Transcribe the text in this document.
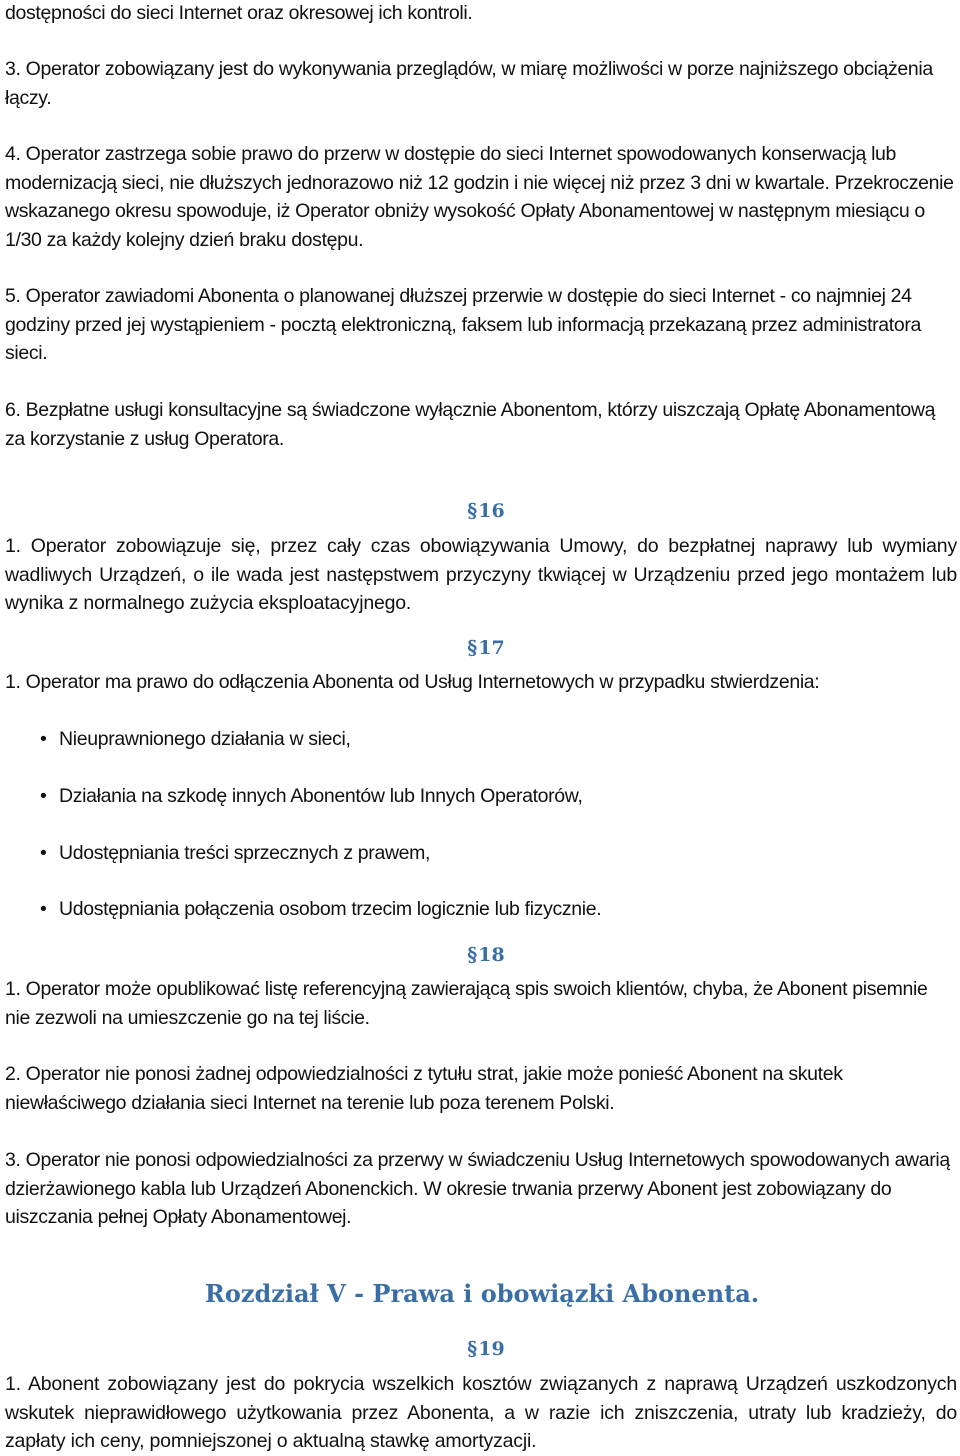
dostępności do sieci Internet oraz okresowej ich kontroli.

3. Operator zobowiązany jest do wykonywania przeglądów, w miarę możliwości w porze najniższego obciążenia łączy.

4. Operator zastrzega sobie prawo do przerw w dostępie do sieci Internet spowodowanych konserwacją lub modernizacją sieci, nie dłuższych jednorazowo niż 12 godzin i nie więcej niż przez 3 dni w kwartale. Przekroczenie wskazanego okresu spowoduje, iż Operator obniży wysokość Opłaty Abonamentowej w następnym miesiącu o 1/30 za każdy kolejny dzień braku dostępu.

5. Operator zawiadomi Abonenta o planowanej dłuższej przerwie w dostępie do sieci Internet - co najmniej 24 godziny przed jej wystąpieniem - pocztą elektroniczną, faksem lub informacją przekazaną przez administratora sieci.

6. Bezpłatne usługi konsultacyjne są świadczone wyłącznie Abonentom, którzy uiszczają Opłatę Abonamentową za korzystanie z usług Operatora.

§16

1. Operator zobowiązuje się, przez cały czas obowiązywania Umowy, do bezpłatnej naprawy lub wymiany wadliwych Urządzeń, o ile wada jest następstwem przyczyny tkwiącej w Urządzeniu przed jego montażem lub wynika z normalnego zużycia eksploatacyjnego.

§17

1. Operator ma prawo do odłączenia Abonenta od Usług Internetowych w przypadku stwierdzenia:

• Nieuprawnionego działania w sieci,

• Działania na szkodę innych Abonentów lub Innych Operatorów,

• Udostępniania treści sprzecznych z prawem,

• Udostępniania połączenia osobom trzecim logicznie lub fizycznie.

§18

1. Operator może opublikować listę referencyjną zawierającą spis swoich klientów, chyba, że Abonent pisemnie nie zezwoli na umieszczenie go na tej liście.

2. Operator nie ponosi żadnej odpowiedzialności z tytułu strat, jakie może ponieść Abonent na skutek niewłaściwego działania sieci Internet na terenie lub poza terenem Polski.

3. Operator nie ponosi odpowiedzialności za przerwy w świadczeniu Usług Internetowych spowodowanych awarią dzierżawionego kabla lub Urządzeń Abonenckich. W okresie trwania przerwy Abonent jest zobowiązany do uiszczania pełnej Opłaty Abonamentowej.

Rozdział V - Prawa i obowiązki Abonenta.

§19

1. Abonent zobowiązany jest do pokrycia wszelkich kosztów związanych z naprawą Urządzeń uszkodzonych wskutek nieprawidłowego użytkowania przez Abonenta, a w razie ich zniszczenia, utraty lub kradzieży, do zapłaty ich ceny, pomniejszonej o aktualną stawkę amortyzacji.
